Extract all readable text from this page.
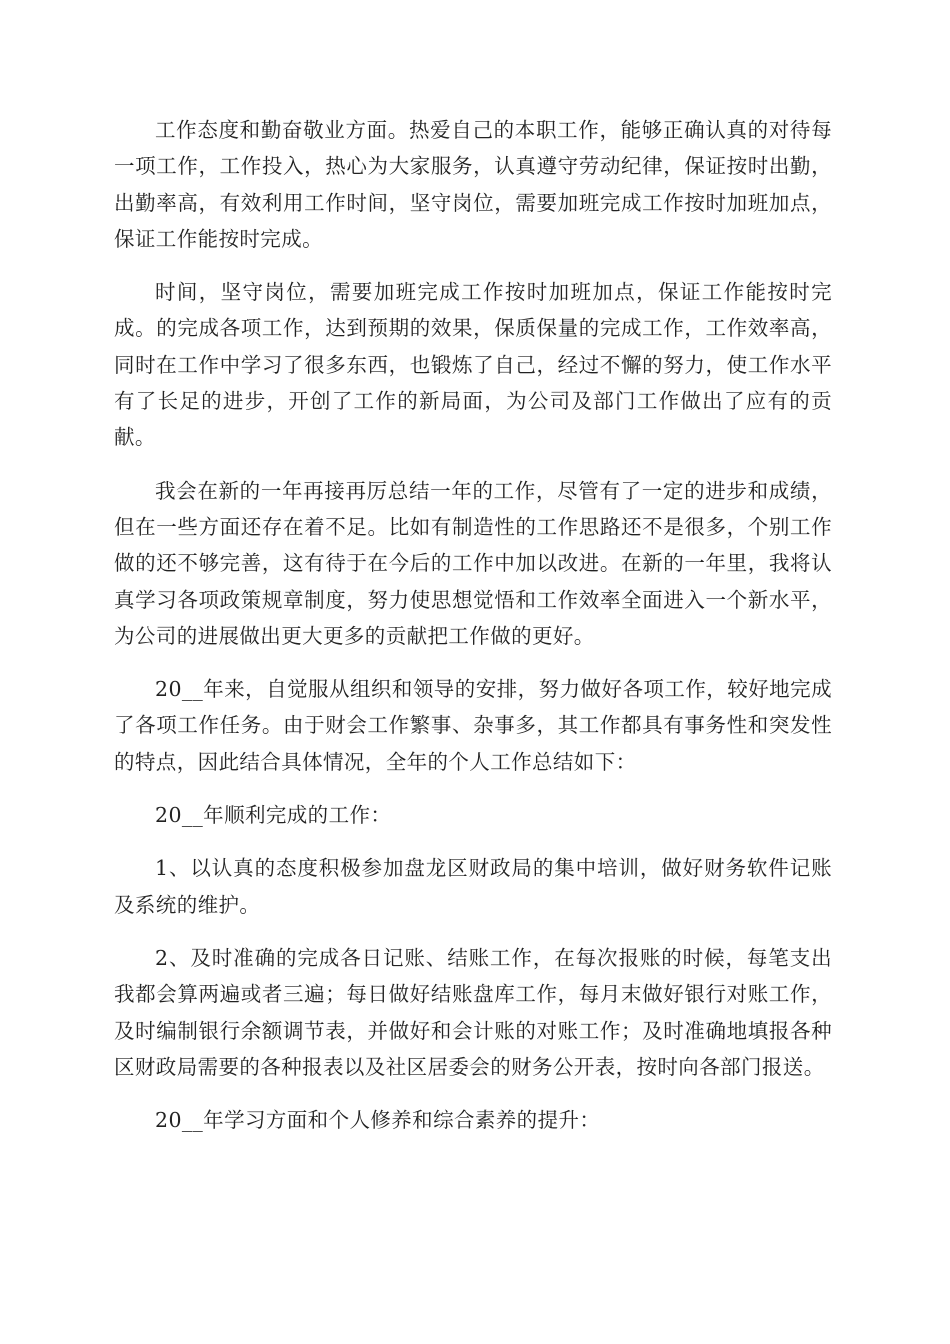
工作态度和勤奋敬业方面。热爱自己的本职工作，能够正确认真的对待每一项工作，工作投入，热心为大家服务，认真遵守劳动纪律，保证按时出勤，出勤率高，有效利用工作时间，坚守岗位，需要加班完成工作按时加班加点，保证工作能按时完成。

时间，坚守岗位，需要加班完成工作按时加班加点，保证工作能按时完成。的完成各项工作，达到预期的效果，保质保量的完成工作，工作效率高，同时在工作中学习了很多东西，也锻炼了自己，经过不懈的努力，使工作水平有了长足的进步，开创了工作的新局面，为公司及部门工作做出了应有的贡献。

我会在新的一年再接再厉总结一年的工作，尽管有了一定的进步和成绩，但在一些方面还存在着不足。比如有制造性的工作思路还不是很多，个别工作做的还不够完善，这有待于在今后的工作中加以改进。在新的一年里，我将认真学习各项政策规章制度，努力使思想觉悟和工作效率全面进入一个新水平，为公司的进展做出更大更多的贡献把工作做的更好。

20__年来，自觉服从组织和领导的安排，努力做好各项工作，较好地完成了各项工作任务。由于财会工作繁事、杂事多，其工作都具有事务性和突发性的特点，因此结合具体情况，全年的个人工作总结如下：

20__年顺利完成的工作：

1、以认真的态度积极参加盘龙区财政局的集中培训，做好财务软件记账及系统的维护。

2、及时准确的完成各日记账、结账工作，在每次报账的时候，每笔支出我都会算两遍或者三遍；每日做好结账盘库工作，每月末做好银行对账工作，及时编制银行余额调节表，并做好和会计账的对账工作；及时准确地填报各种区财政局需要的各种报表以及社区居委会的财务公开表，按时向各部门报送。

20__年学习方面和个人修养和综合素养的提升：
